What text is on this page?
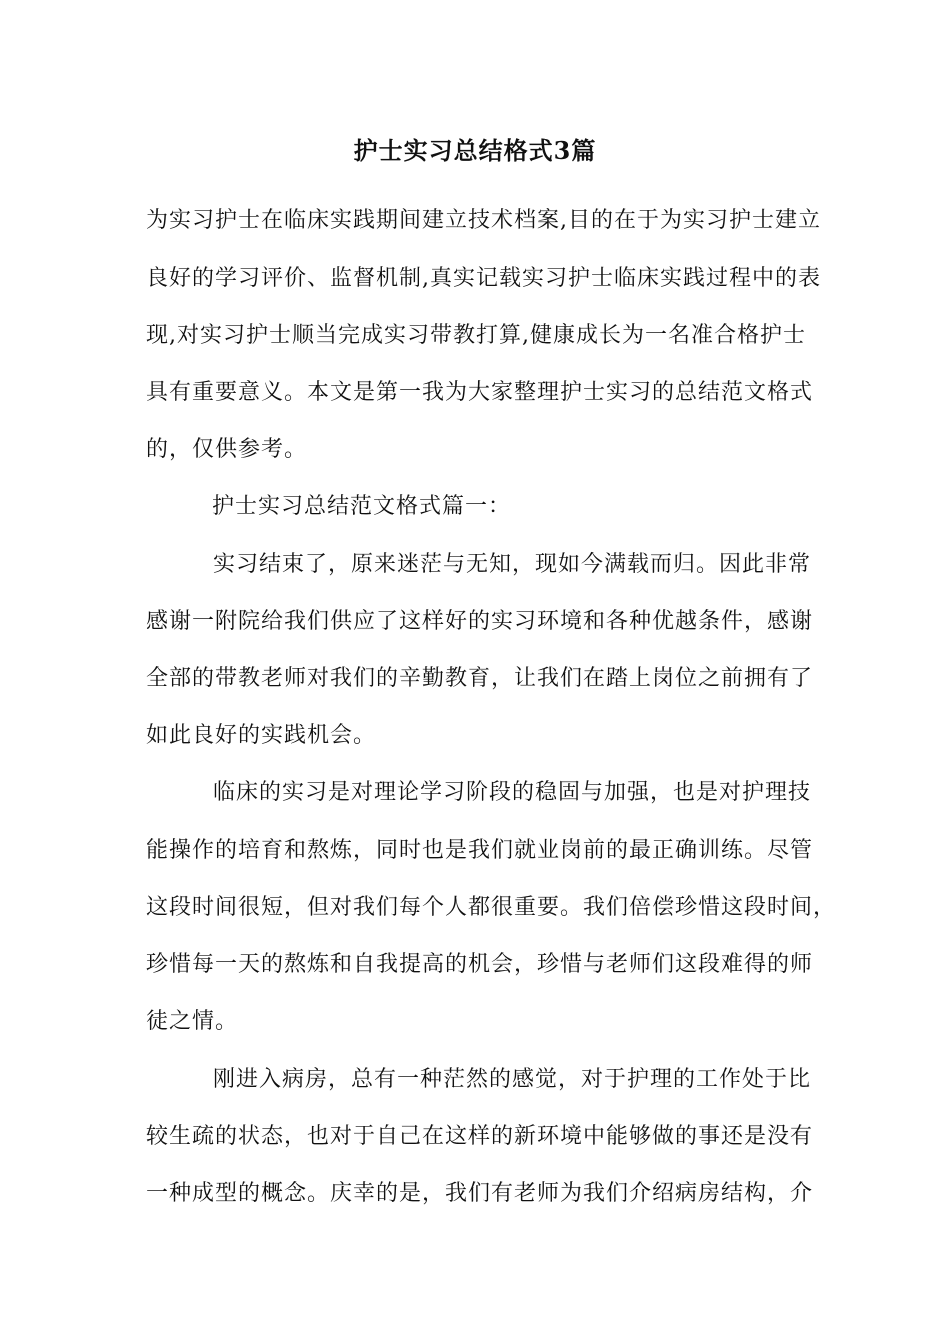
护士实习总结格式3篇
为实习护士在临床实践期间建立技术档案,目的在于为实习护士建立
良好的学习评价、监督机制,真实记载实习护士临床实践过程中的表
现,对实习护士顺当完成实习带教打算,健康成长为一名准合格护士
具有重要意义。本文是第一我为大家整理护士实习的总结范文格式
的，仅供参考。
护士实习总结范文格式篇一：
实习结束了，原来迷茫与无知，现如今满载而归。因此非常
感谢一附院给我们供应了这样好的实习环境和各种优越条件，感谢
全部的带教老师对我们的辛勤教育，让我们在踏上岗位之前拥有了
如此良好的实践机会。
临床的实习是对理论学习阶段的稳固与加强，也是对护理技
能操作的培育和熬炼，同时也是我们就业岗前的最正确训练。尽管
这段时间很短，但对我们每个人都很重要。我们倍偿珍惜这段时间，
珍惜每一天的熬炼和自我提高的机会，珍惜与老师们这段难得的师
徒之情。
刚进入病房，总有一种茫然的感觉，对于护理的工作处于比
较生疏的状态，也对于自己在这样的新环境中能够做的事还是没有
一种成型的概念。庆幸的是，我们有老师为我们介绍病房结构，介
